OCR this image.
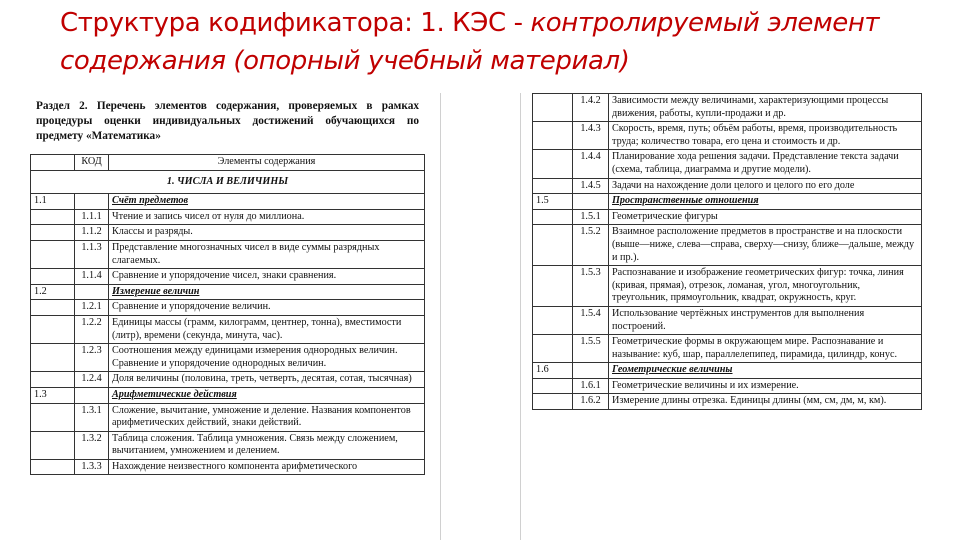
Структура кодификатора: 1. КЭС - контролируемый элемент содержания (опорный учебный материал)
Раздел 2. Перечень элементов содержания, проверяемых в рамках процедуры оценки индивидуальных достижений обучающихся по предмету «Математика»
	КОД	Элементы содержания
1. ЧИСЛА И ВЕЛИЧИНЫ		
1.1		Счёт предметов
	1.1.1	Чтение и запись чисел от нуля до миллиона.
	1.1.2	Классы и разряды.
	1.1.3	Представление многозначных чисел в виде суммы разрядных слагаемых.
	1.1.4	Сравнение и упорядочение чисел, знаки сравнения.
1.2		Измерение величин
	1.2.1	Сравнение и упорядочение величин.
	1.2.2	Единицы массы (грамм, килограмм, центнер, тонна), вместимости (литр), времени (секунда, минута, час).
	1.2.3	Соотношения между единицами измерения однородных величин. Сравнение и упорядочение однородных величин.
	1.2.4	Доля величины (половина, треть, четверть, десятая, сотая, тысячная)
1.3		Арифметические действия
	1.3.1	Сложение, вычитание, умножение и деление. Названия компонентов арифметических действий, знаки действий.
	1.3.2	Таблица сложения. Таблица умножения. Связь между сложением, вычитанием, умножением и делением.
	1.3.3	Нахождение неизвестного компонента арифметического
	1.4.2	Зависимости между величинами, характеризующими процессы движения, работы, купли-продажи и др.
	1.4.3	Скорость, время, путь; объём работы, время, производительность труда; количество товара, его цена и стоимость и др.
	1.4.4	Планирование хода решения задачи. Представление текста задачи (схема, таблица, диаграмма и другие модели).
	1.4.5	Задачи на нахождение доли целого и целого по его доле
1.5		Пространственные отношения
	1.5.1	Геометрические фигуры
	1.5.2	Взаимное расположение предметов в пространстве и на плоскости (выше—ниже, слева—справа, сверху—снизу, ближе—дальше, между и пр.).
	1.5.3	Распознавание и изображение геометрических фигур: точка, линия (кривая, прямая), отрезок, ломаная, угол, многоугольник, треугольник, прямоугольник, квадрат, окружность, круг.
	1.5.4	Использование чертёжных инструментов для выполнения построений.
	1.5.5	Геометрические формы в окружающем мире. Распознавание и называние: куб, шар, параллелепипед, пирамида, цилиндр, конус.
1.6		Геометрические величины
	1.6.1	Геометрические величины и их измерение.
	1.6.2	Измерение длины отрезка. Единицы длины (мм, см, дм, м, км).
